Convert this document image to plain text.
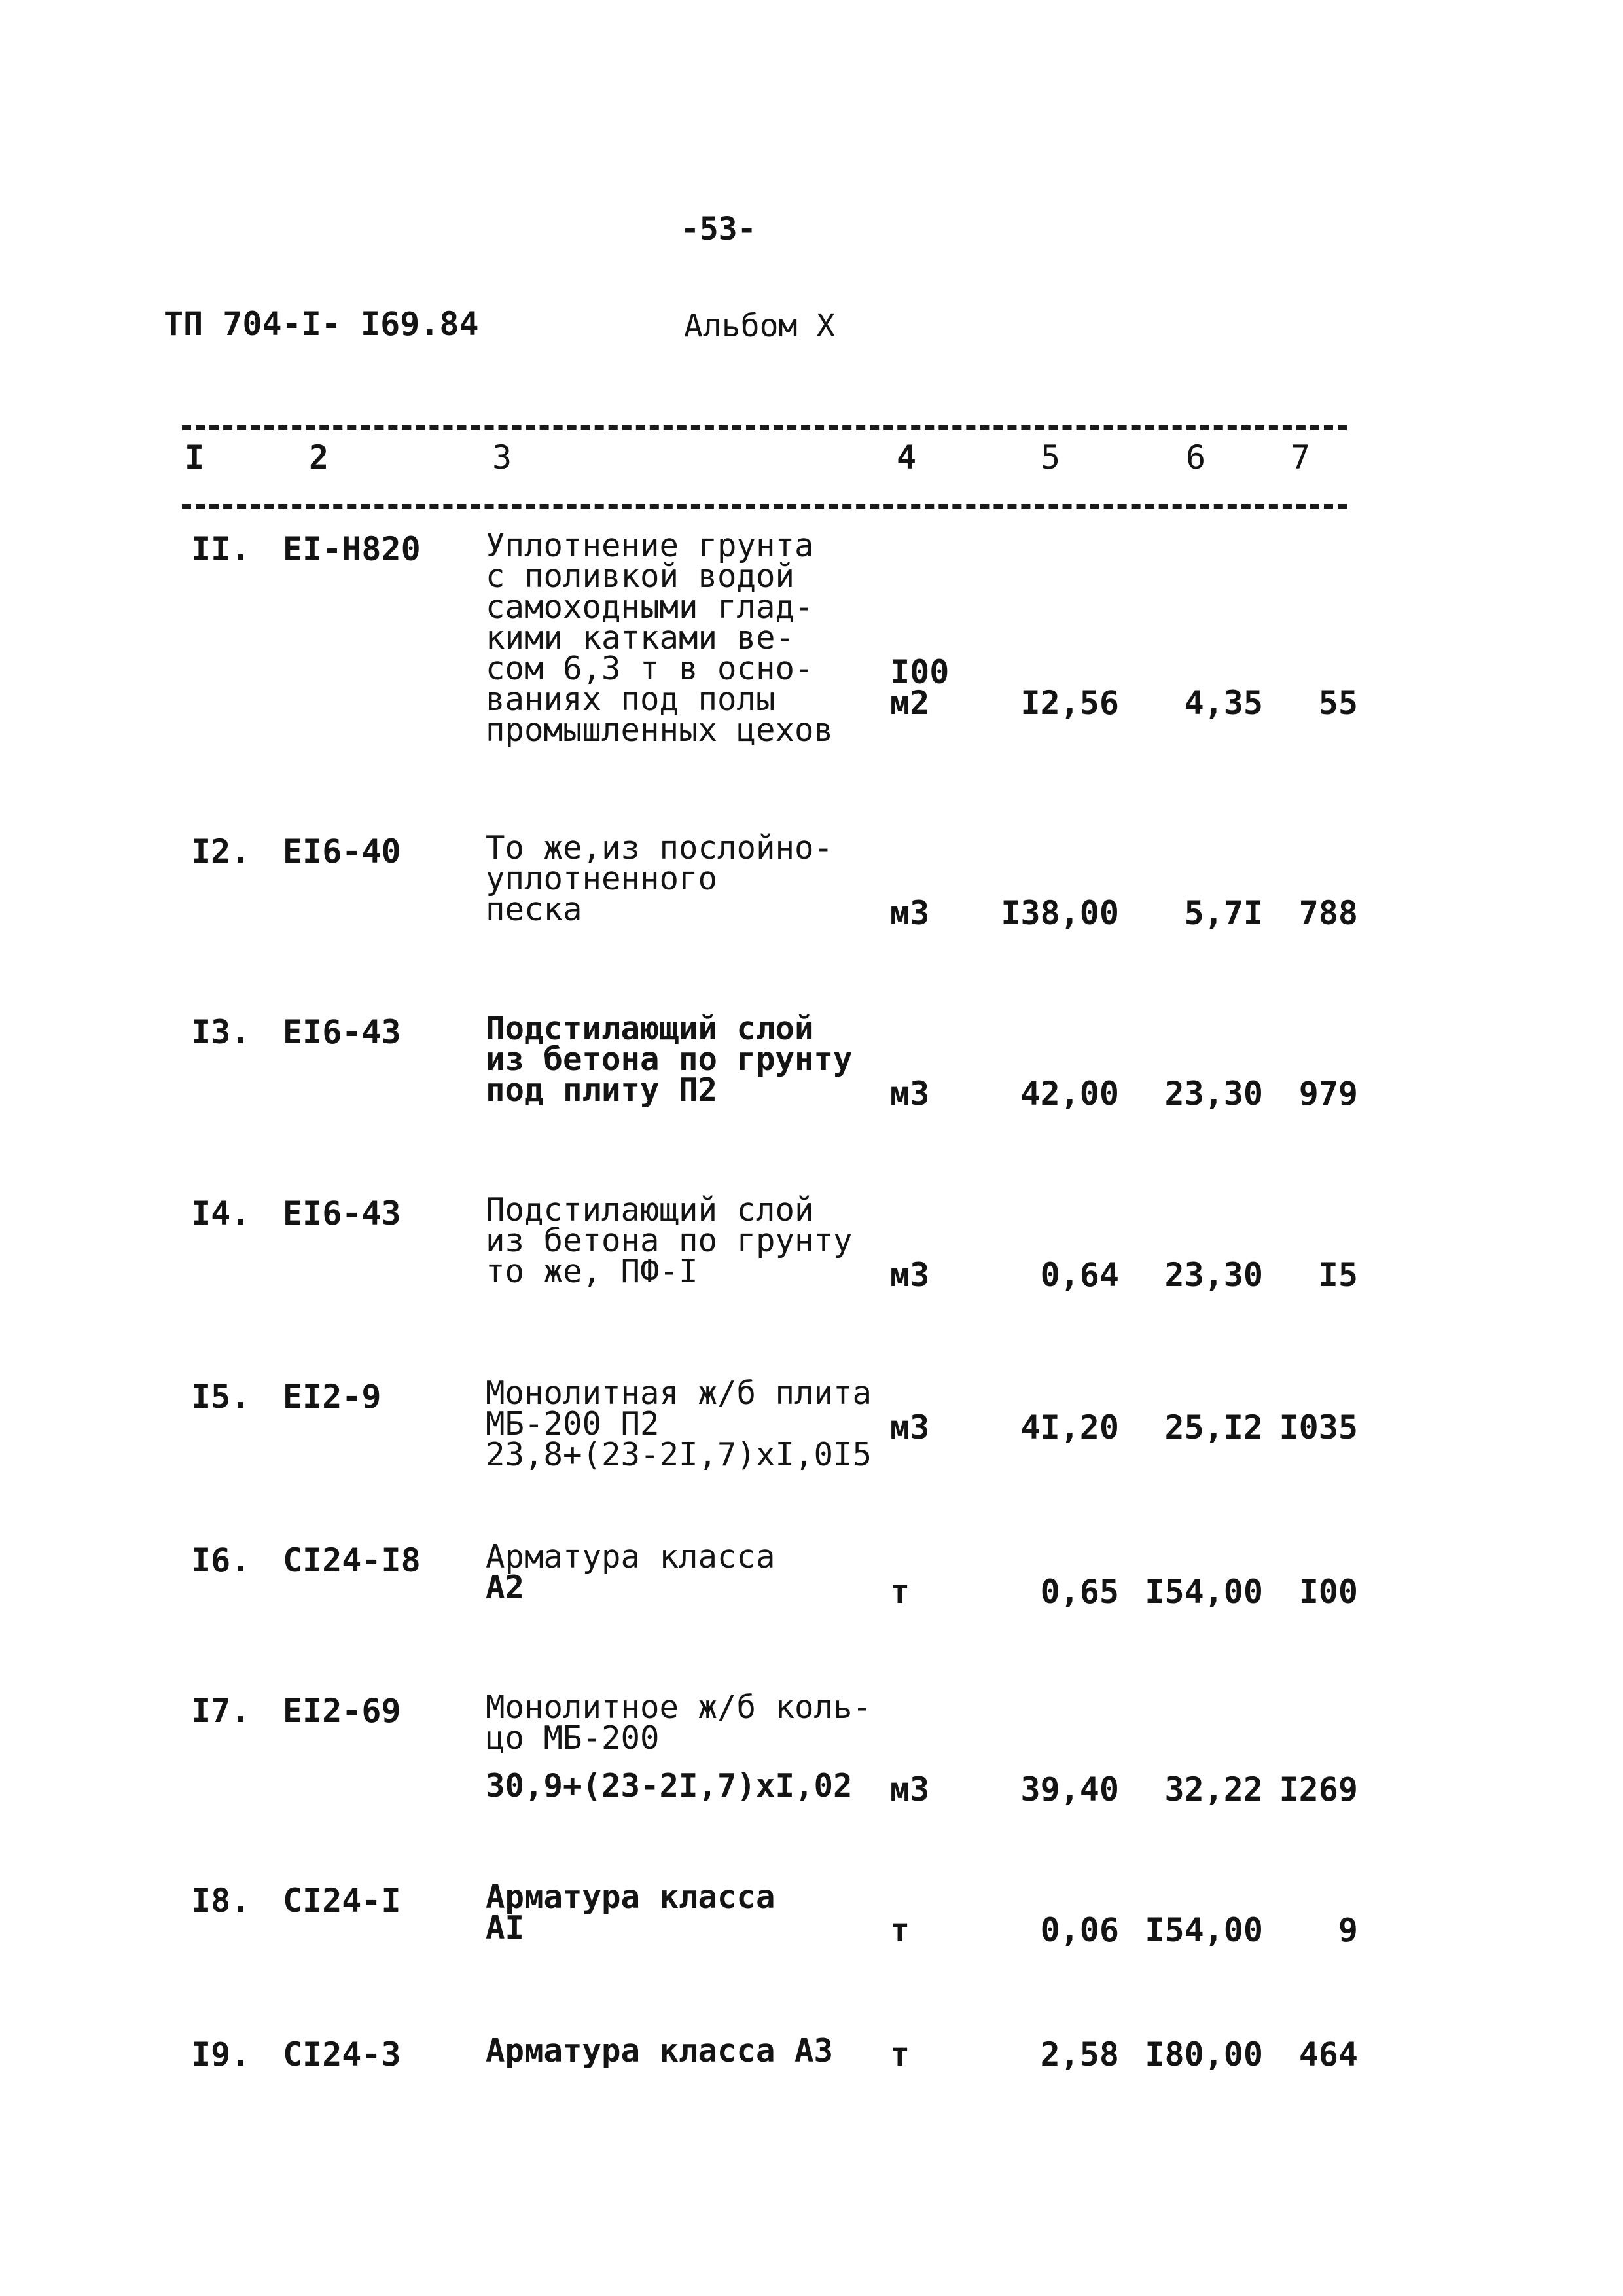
-53-
ТП 704-I- I69.84	Альбом X
I	2	3	4	5	6	7
II. EI-H820 Уплотнение грунта
с поливкой водой
самоходными глад-
кими катками ве-
сом 6,3 т в осно-
ваниях под полы
промышленных цехов
I00
м2	I2,56 4,35 55
I2. EI6-40	То же,из послойно-
уплотненного
песка	м3 I38,00 5,7I 788
I3. EI6-43	Подстилающий слой
из бетона по грунту
под плиту П2	м3	42,00 23,30 979
I4. EI6-43	Подстилающий слой
из бетона по грунту
то же, ПФ-I	м3	0,64 23,30 I5
I5. EI2-9	Монолитная ж/б плита
МБ-200 П2
23,8+(23-2I,7)хI,0I5
м3	4I,20 25,I2 I035
I6. CI24-I8 Арматура класса
А2	т	0,65 I54,00 I00
I7. EI2-69	Монолитное ж/б коль-
цо МБ-200
30,9+(23-2I,7)хI,02	м3	39,40 32,22 I269
I8. CI24-I	Арматура класса
АI	т	0,06 I54,00 9
I9. CI24-3	Арматура класса А3	т	2,58 I80,00 464
